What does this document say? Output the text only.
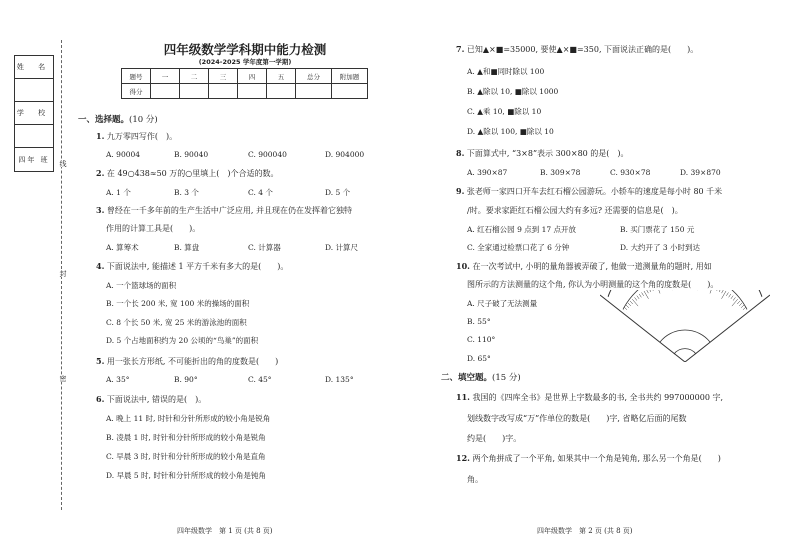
姓 名
学 校
四年 班	线
封
密
四年级数学学科期中能力检测
(2024-2025 学年度第一学期)
题号	一	二	三	四	五	总分	附加题
得分							
一、选择题。(10 分)
1. 九万零四写作(　)。
A. 90004	B. 90040	C. 900040	D. 904000
2. 在 49○438≈50 万的○里填上(　)个合适的数。
A. 1 个	B. 3 个	C. 4 个	D. 5 个
3. 曾经在一千多年前的生产生活中广泛应用, 并且现在仍在发挥着它独特
作用的计算工具是(　　)。
A. 算筹术	B. 算盘	C. 计算器	D. 计算尺
4. 下面说法中, 能描述 1 平方千米有多大的是(　　)。
A. 一个篮球场的面积
B. 一个长 200 米, 宽 100 米的操场的面积
C. 8 个长 50 米, 宽 25 米的游泳池的面积
D. 5 个占地面积约为 20 公顷的“鸟巢”的面积
5. 用一张长方形纸, 不可能折出的角的度数是(　　)
A. 35°	B. 90°	C. 45°	D. 135°
6. 下面说法中, 错误的是(　)。
A. 晚上 11 时, 时针和分针所形成的较小角是锐角
B. 凌晨 1 时, 时针和分针所形成的较小角是锐角
C. 早晨 3 时, 时针和分针所形成的较小角是直角
D. 早晨 5 时, 时针和分针所形成的较小角是钝角
四年级数学　第 1 页 (共 8 页)
7. 已知▲×■=35000, 要使▲×■=350, 下面说法正确的是(　　)。
A. ▲和■同时除以 100
B. ▲除以 10, ■除以 1000
C. ▲乘 10, ■除以 10
D. ▲除以 100, ■除以 10
8. 下面算式中, “3×8”表示 300×80 的是(　)。
A. 390×87	B. 309×78	C. 930×78	D. 39×870
9. 张老师一家四口开车去红石榴公园游玩。小轿车的速度是每小时 80 千米
/时。要求家距红石榴公园大约有多远? 还需要的信息是(　)。
A. 红石榴公园 9 点到 17 点开放	B. 买门票花了 150 元
C. 全家通过检票口花了 6 分钟	D. 大约开了 3 小时到达
10. 在一次考试中, 小明的量角器被弄破了, 他做一道测量角的题时, 用如
图所示的方法测量的这个角, 你认为小明测量的这个角的度数是(　　)。
A. 尺子破了无法测量
B. 55°
C. 110°
D. 65°
二、填空题。(15 分)
11. 我国的《四库全书》是世界上字数最多的书, 全书共约 997000000 字,
划线数字改写成“万”作单位的数是(　　)字, 省略亿后面的尾数
约是(　　)字。
12. 两个角拼成了一个平角, 如果其中一个角是钝角, 那么另一个角是(　　)
角。
四年级数学　第 2 页 (共 8 页)
